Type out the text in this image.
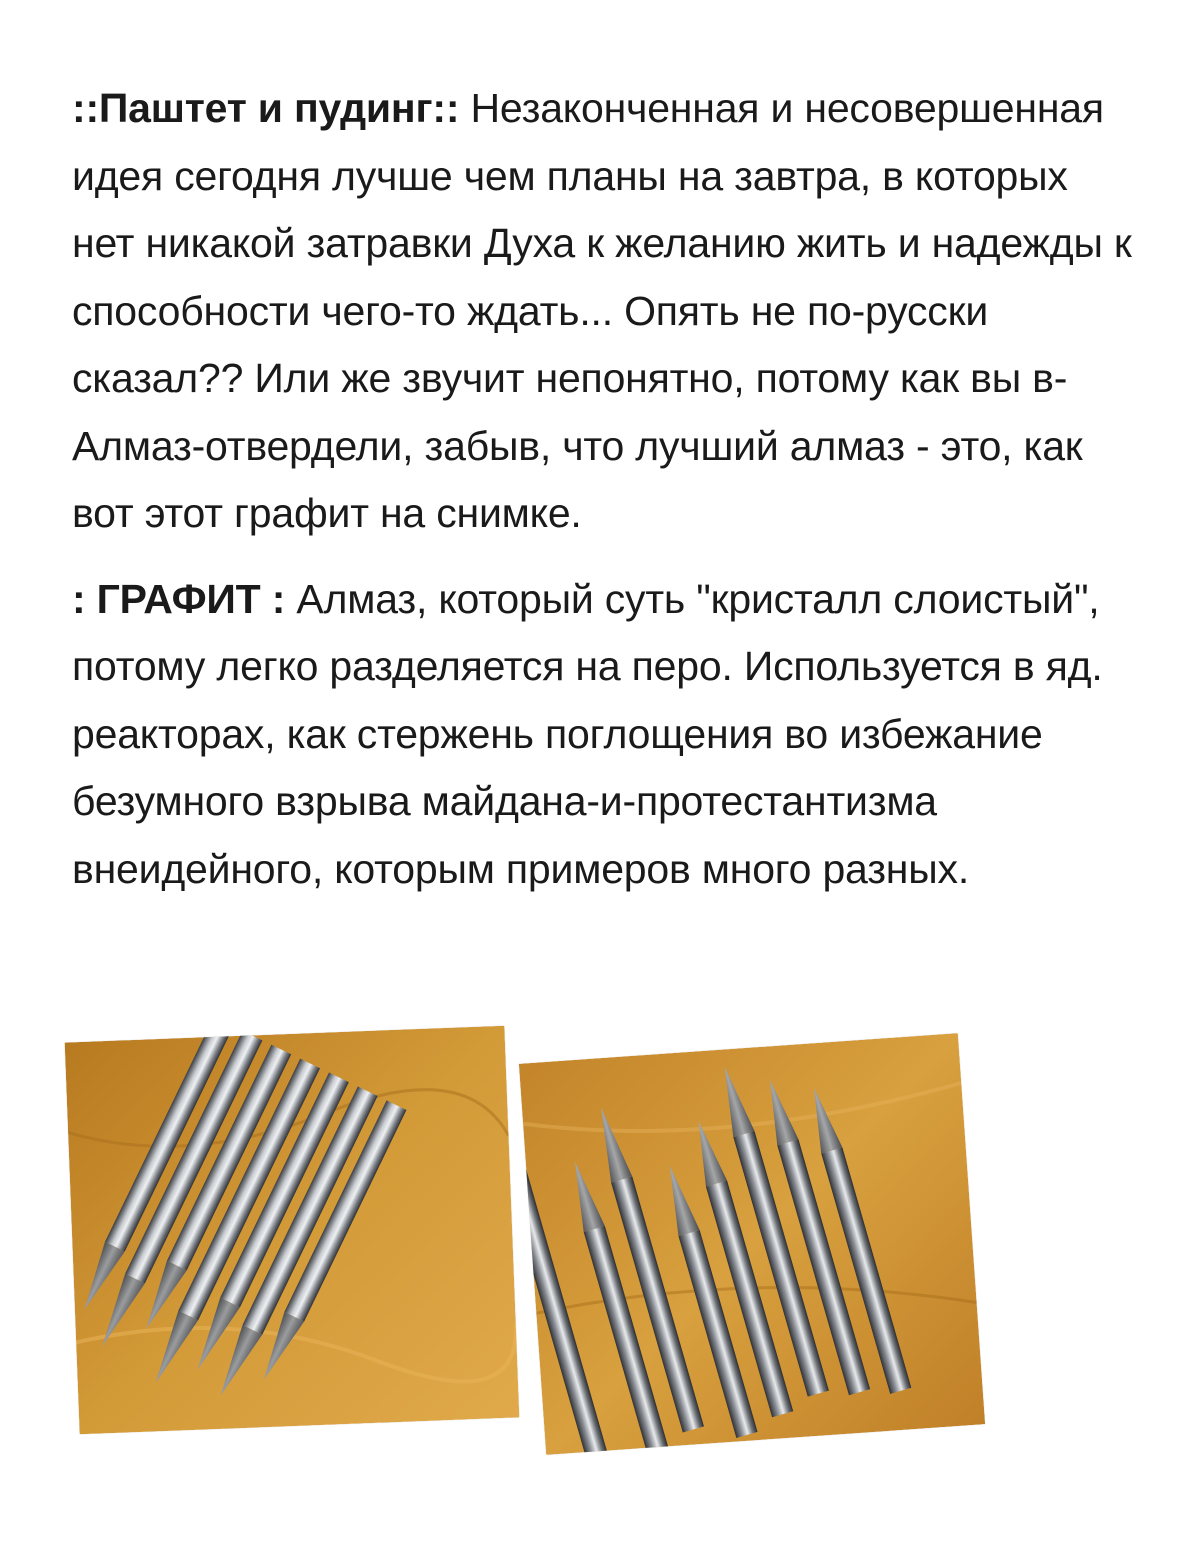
::Паштет и пудинг:: Незаконченная и несовершенная идея сегодня лучше чем планы на завтра, в которых нет никакой затравки Духа к желанию жить и надежды к способности чего-то ждать... Опять не по-русски сказал?? Или же звучит непонятно, потому как вы в-Алмаз-отвердели, забыв, что лучший алмаз - это, как вот этот графит на снимке.

: ГРАФИТ : Алмаз, который суть "кристалл слоистый", потому легко разделяется на перо. Используется в яд. реакторах, как стержень поглощения во избежание безумного взрыва майдана-и-протестантизма внеидейного, которым примеров много разных.
